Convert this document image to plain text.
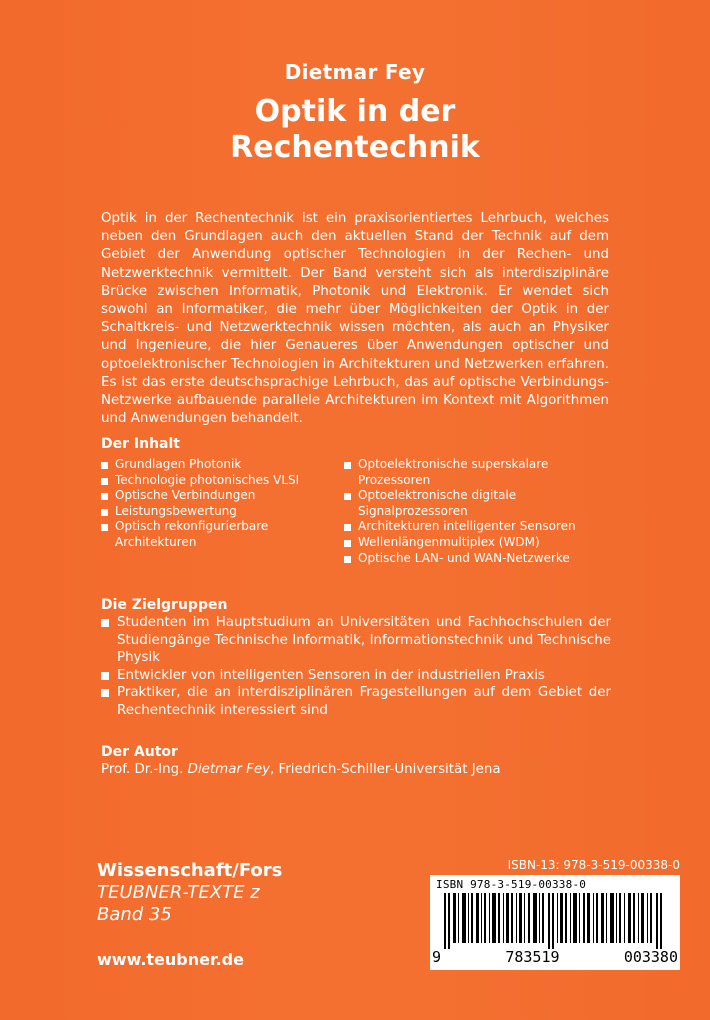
Dietmar Fey
Optik in der
Rechentechnik
Optik in der Rechentechnik ist ein praxisorientiertes Lehrbuch, welches neben den Grundlagen auch den aktuellen Stand der Technik auf dem Gebiet der Anwendung optischer Technologien in der Rechen- und Netzwerktechnik vermittelt. Der Band versteht sich als interdisziplinäre Brücke zwischen Informatik, Photonik und Elektronik. Er wendet sich sowohl an Informatiker, die mehr über Möglichkeiten der Optik in der Schaltkreis- und Netzwerktechnik wissen möchten, als auch an Physiker und Ingenieure, die hier Genaueres über Anwendungen optischer und optoelektronischer Technologien in Architekturen und Netzwerken erfahren. Es ist das erste deutschsprachige Lehrbuch, das auf optische Verbindungs-Netzwerke aufbauende parallele Architekturen im Kontext mit Algorithmen und Anwendungen behandelt.
Der Inhalt
Grundlagen Photonik
Technologie photonisches VLSI
Optische Verbindungen
Leistungsbewertung
Optisch rekonfigurierbare Architekturen
Optoelektronische superskalare Prozessoren
Optoelektronische digitale Signalprozessoren
Architekturen intelligenter Sensoren
Wellenlängenmultiplex (WDM)
Optische LAN- und WAN-Netzwerke
Die Zielgruppen
Studenten im Hauptstudium an Universitäten und Fachhochschulen der Studiengänge Technische Informatik, Informationstechnik und Technische Physik
Entwickler von intelligenten Sensoren in der industriellen Praxis
Praktiker, die an interdisziplinären Fragestellungen auf dem Gebiet der Rechentechnik interessiert sind
Der Autor
Prof. Dr.-Ing. Dietmar Fey, Friedrich-Schiller-Universität Jena
Wissenschaft/Fors
TEUBNER-TEXTE z
Band 35
www.teubner.de
ISBN-13: 978-3-519-00338-0
ISBN 978-3-519-00338-0
9	783519	003380
